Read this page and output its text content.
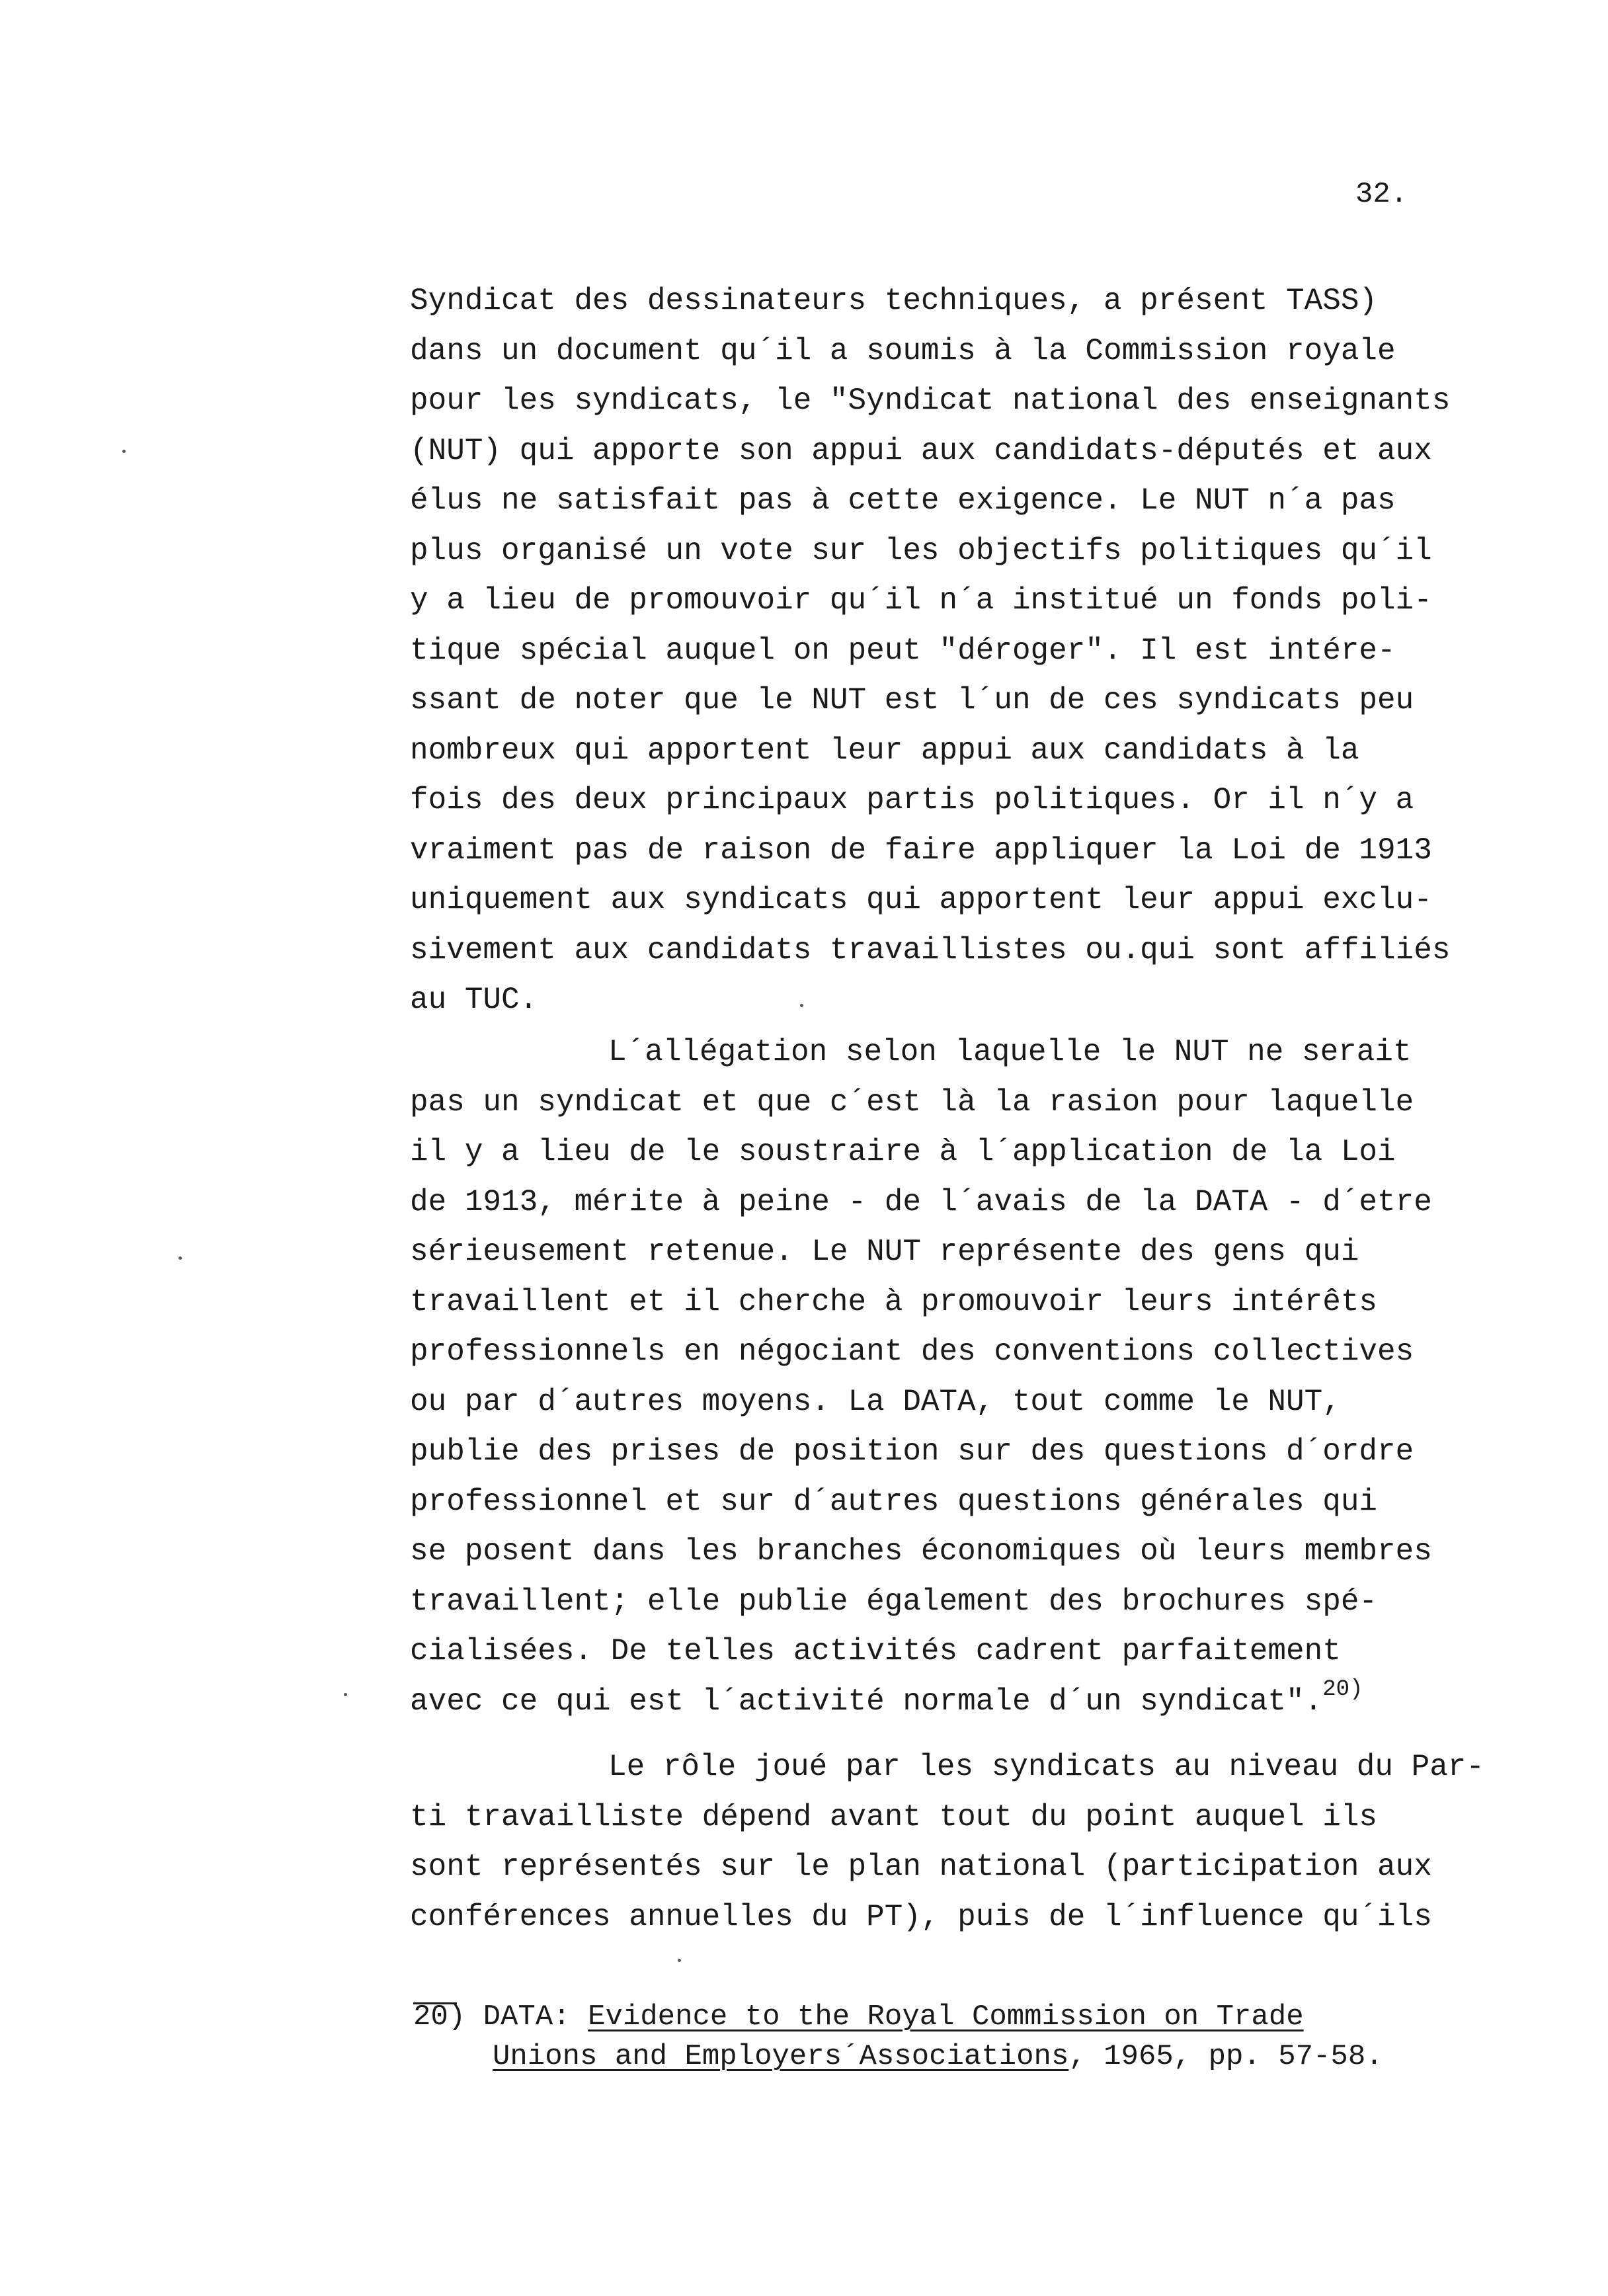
32.
Syndicat des dessinateurs techniques, a présent TASS)
dans un document qu´il a soumis à la Commission royale
pour les syndicats, le "Syndicat national des enseignants
(NUT) qui apporte son appui aux candidats-députés et aux
élus ne satisfait pas à cette exigence. Le NUT n´a pas
plus organisé un vote sur les objectifs politiques qu´il
y a lieu de promouvoir qu´il n´a institué un fonds poli-
tique spécial auquel on peut "déroger". Il est intére-
ssant de noter que le NUT est l´un de ces syndicats peu
nombreux qui apportent leur appui aux candidats à la
fois des deux principaux partis politiques. Or il n´y a
vraiment pas de raison de faire appliquer la Loi de 1913
uniquement aux syndicats qui apportent leur appui exclu-
sivement aux candidats travaillistes ou.qui sont affiliés
au TUC.
L´allégation selon laquelle le NUT ne serait
pas un syndicat et que c´est là la rasion pour laquelle
il y a lieu de le soustraire à l´application de la Loi
de 1913, mérite à peine - de l´avais de la DATA - d´etre
sérieusement retenue. Le NUT représente des gens qui
travaillent et il cherche à promouvoir leurs intérêts
professionnels en négociant des conventions collectives
ou par d´autres moyens. La DATA, tout comme le NUT,
publie des prises de position sur des questions d´ordre
professionnel et sur d´autres questions générales qui
se posent dans les branches économiques où leurs membres
travaillent; elle publie également des brochures spé-
cialisées. De telles activités cadrent parfaitement
avec ce qui est l´activité normale d´un syndicat".$^{20)}$
Le rôle joué par les syndicats au niveau du Par-
ti travailliste dépend avant tout du point auquel ils
sont représentés sur le plan national (participation aux
conférences annuelles du PT), puis de l´influence qu´ils
20) DATA: Evidence to the Royal Commission on Trade
Unions and Employers´Associations, 1965, pp. 57-58.
